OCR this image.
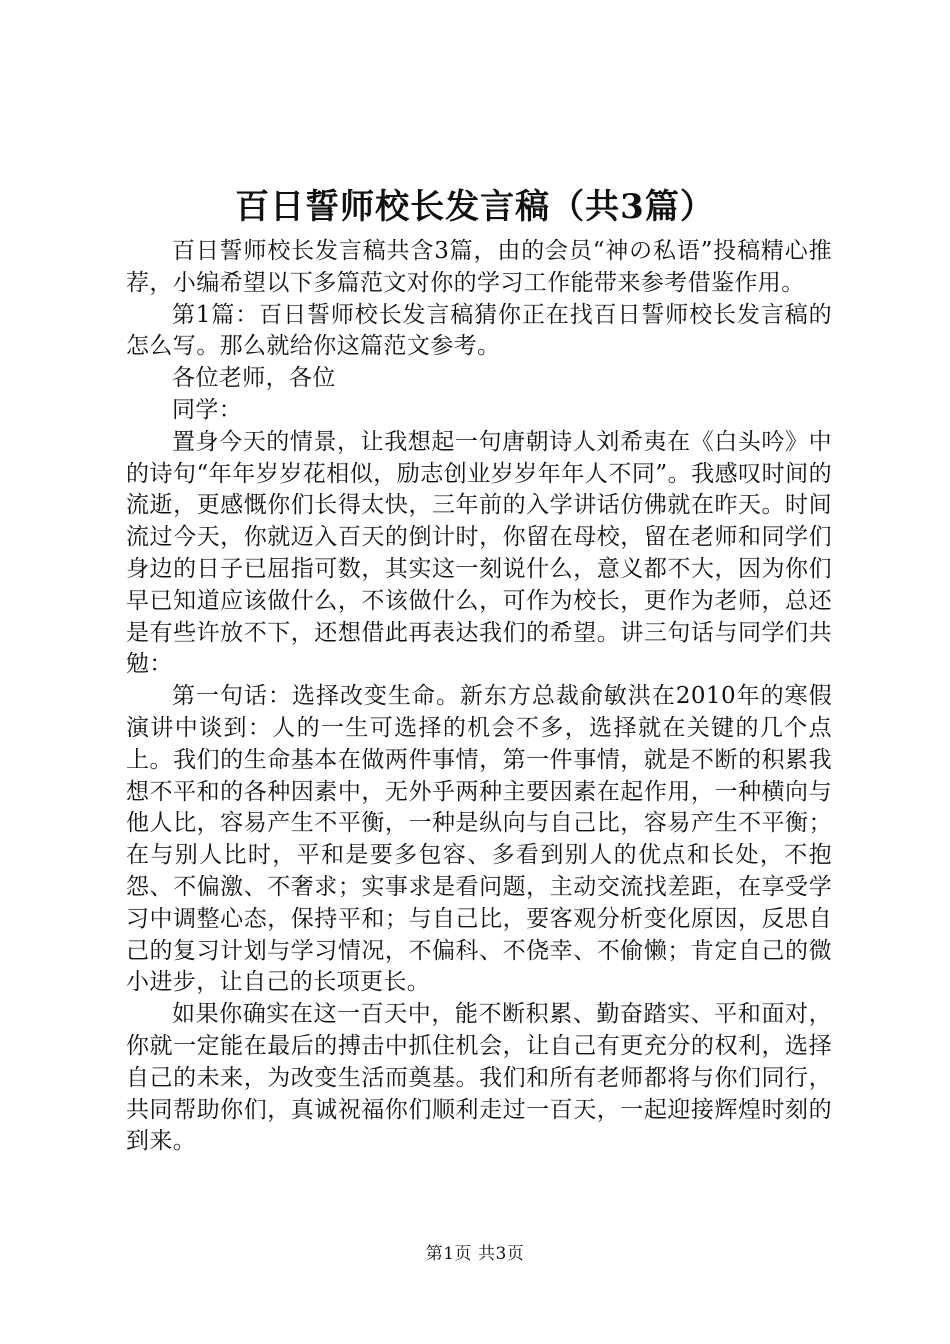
百日誓师校长发言稿（共3篇）

百日誓师校长发言稿共含3篇，由的会员“神の私语”投稿精心推荐，小编希望以下多篇范文对你的学习工作能带来参考借鉴作用。

第1篇：百日誓师校长发言稿猜你正在找百日誓师校长发言稿的怎么写。那么就给你这篇范文参考。

各位老师，各位

同学：

置身今天的情景，让我想起一句唐朝诗人刘希夷在《白头吟》中的诗句“年年岁岁花相似，励志创业岁岁年年人不同”。我感叹时间的流逝，更感慨你们长得太快，三年前的入学讲话仿佛就在昨天。时间流过今天，你就迈入百天的倒计时，你留在母校，留在老师和同学们身边的日子已屈指可数，其实这一刻说什么，意义都不大，因为你们早已知道应该做什么，不该做什么，可作为校长，更作为老师，总还是有些许放不下，还想借此再表达我们的希望。讲三句话与同学们共勉：

第一句话：选择改变生命。新东方总裁俞敏洪在2010年的寒假演讲中谈到：人的一生可选择的机会不多，选择就在关键的几个点上。我们的生命基本在做两件事情，第一件事情，就是不断的积累我想不平和的各种因素中，无外乎两种主要因素在起作用，一种横向与他人比，容易产生不平衡，一种是纵向与自己比，容易产生不平衡；在与别人比时，平和是要多包容、多看到别人的优点和长处，不抱怨、不偏激、不奢求；实事求是看问题，主动交流找差距，在享受学习中调整心态，保持平和；与自己比，要客观分析变化原因，反思自己的复习计划与学习情况，不偏科、不侥幸、不偷懒；肯定自己的微小进步，让自己的长项更长。

如果你确实在这一百天中，能不断积累、勤奋踏实、平和面对，你就一定能在最后的搏击中抓住机会，让自己有更充分的权利，选择自己的未来，为改变生活而奠基。我们和所有老师都将与你们同行，共同帮助你们，真诚祝福你们顺利走过一百天，一起迎接辉煌时刻的到来。

第1页 共3页
